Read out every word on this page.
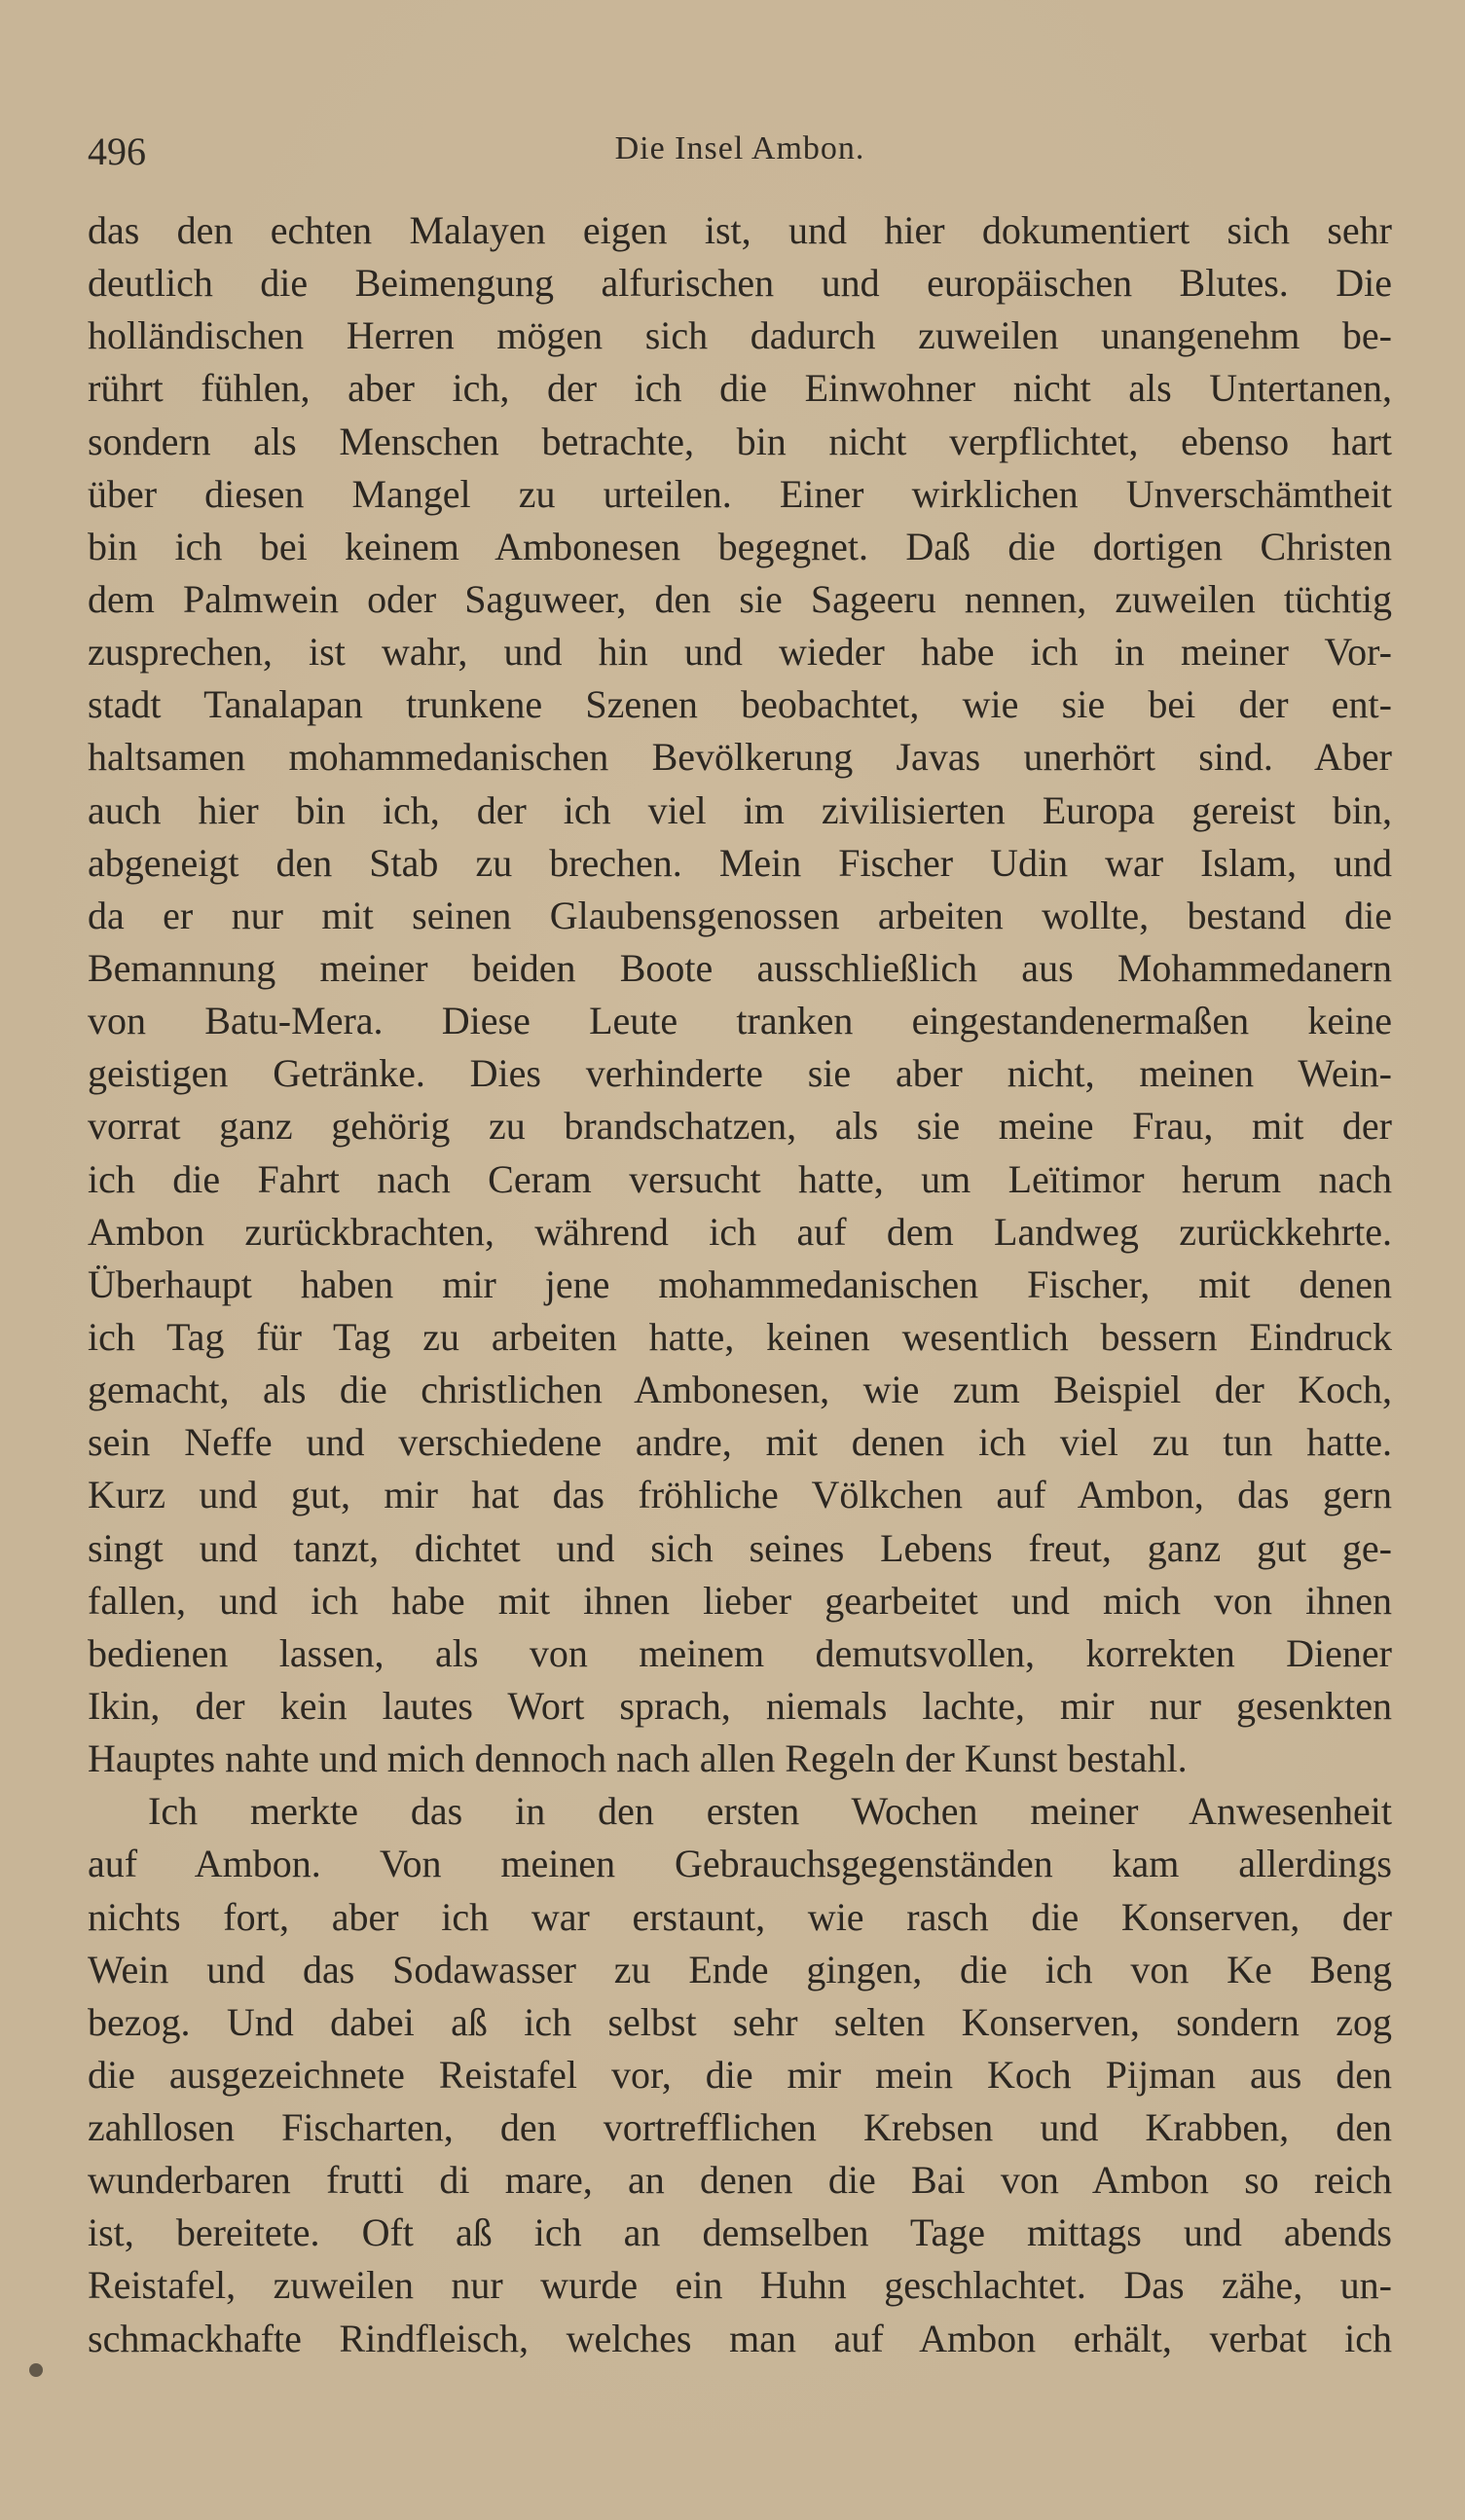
496	Die Insel Ambon.
das den echten Malayen eigen ist, und hier dokumentiert sich sehr
deutlich die Beimengung alfurischen und europäischen Blutes. Die
holländischen Herren mögen sich dadurch zuweilen unangenehm be-
rührt fühlen, aber ich, der ich die Einwohner nicht als Untertanen,
sondern als Menschen betrachte, bin nicht verpflichtet, ebenso hart
über diesen Mangel zu urteilen. Einer wirklichen Unverschämtheit
bin ich bei keinem Ambonesen begegnet. Daß die dortigen Christen
dem Palmwein oder Saguweer, den sie Sageeru nennen, zuweilen tüchtig
zusprechen, ist wahr, und hin und wieder habe ich in meiner Vor-
stadt Tanalapan trunkene Szenen beobachtet, wie sie bei der ent-
haltsamen mohammedanischen Bevölkerung Javas unerhört sind. Aber
auch hier bin ich, der ich viel im zivilisierten Europa gereist bin,
abgeneigt den Stab zu brechen. Mein Fischer Udin war Islam, und
da er nur mit seinen Glaubensgenossen arbeiten wollte, bestand die
Bemannung meiner beiden Boote ausschließlich aus Mohammedanern
von Batu-Mera. Diese Leute tranken eingestandenermaßen keine
geistigen Getränke. Dies verhinderte sie aber nicht, meinen Wein-
vorrat ganz gehörig zu brandschatzen, als sie meine Frau, mit der
ich die Fahrt nach Ceram versucht hatte, um Leïtimor herum nach
Ambon zurückbrachten, während ich auf dem Landweg zurückkehrte.
Überhaupt haben mir jene mohammedanischen Fischer, mit denen
ich Tag für Tag zu arbeiten hatte, keinen wesentlich bessern Eindruck
gemacht, als die christlichen Ambonesen, wie zum Beispiel der Koch,
sein Neffe und verschiedene andre, mit denen ich viel zu tun hatte.
Kurz und gut, mir hat das fröhliche Völkchen auf Ambon, das gern
singt und tanzt, dichtet und sich seines Lebens freut, ganz gut ge-
fallen, und ich habe mit ihnen lieber gearbeitet und mich von ihnen
bedienen lassen, als von meinem demutsvollen, korrekten Diener
Ikin, der kein lautes Wort sprach, niemals lachte, mir nur gesenkten
Hauptes nahte und mich dennoch nach allen Regeln der Kunst bestahl.
Ich merkte das in den ersten Wochen meiner Anwesenheit
auf Ambon. Von meinen Gebrauchsgegenständen kam allerdings
nichts fort, aber ich war erstaunt, wie rasch die Konserven, der
Wein und das Sodawasser zu Ende gingen, die ich von Ke Beng
bezog. Und dabei aß ich selbst sehr selten Konserven, sondern zog
die ausgezeichnete Reistafel vor, die mir mein Koch Pijman aus den
zahllosen Fischarten, den vortrefflichen Krebsen und Krabben, den
wunderbaren frutti di mare, an denen die Bai von Ambon so reich
ist, bereitete. Oft aß ich an demselben Tage mittags und abends
Reistafel, zuweilen nur wurde ein Huhn geschlachtet. Das zähe, un-
schmackhafte Rindfleisch, welches man auf Ambon erhält, verbat ich
